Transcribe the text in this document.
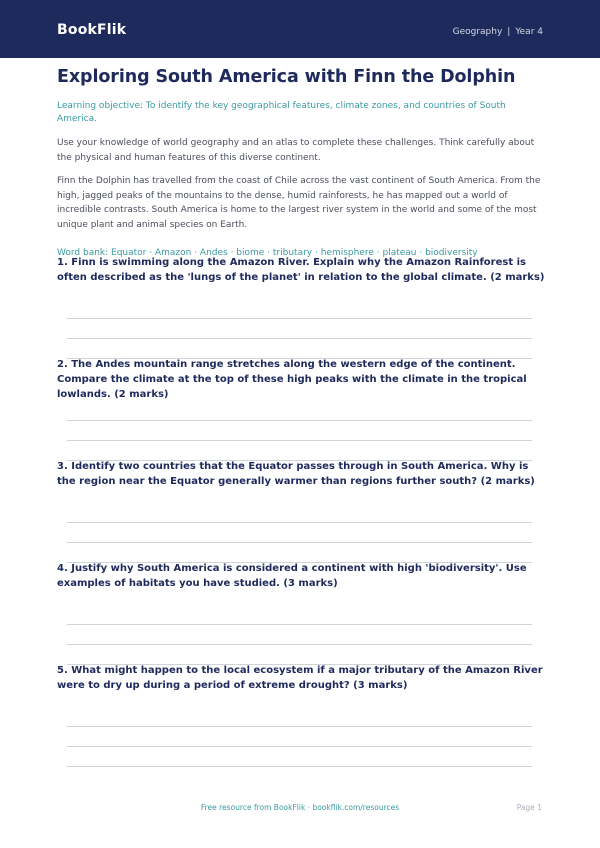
BookFlik	Geography | Year 4
Exploring South America with Finn the Dolphin
Learning objective: To identify the key geographical features, climate zones, and countries of South America.
Use your knowledge of world geography and an atlas to complete these challenges. Think carefully about the physical and human features of this diverse continent.
Finn the Dolphin has travelled from the coast of Chile across the vast continent of South America. From the high, jagged peaks of the mountains to the dense, humid rainforests, he has mapped out a world of incredible contrasts. South America is home to the largest river system in the world and some of the most unique plant and animal species on Earth.
Word bank: Equator · Amazon · Andes · biome · tributary · hemisphere · plateau · biodiversity
1. Finn is swimming along the Amazon River. Explain why the Amazon Rainforest is often described as the 'lungs of the planet' in relation to the global climate. (2 marks)
2. The Andes mountain range stretches along the western edge of the continent. Compare the climate at the top of these high peaks with the climate in the tropical lowlands. (2 marks)
3. Identify two countries that the Equator passes through in South America. Why is the region near the Equator generally warmer than regions further south? (2 marks)
4. Justify why South America is considered a continent with high 'biodiversity'. Use examples of habitats you have studied. (3 marks)
5. What might happen to the local ecosystem if a major tributary of the Amazon River were to dry up during a period of extreme drought? (3 marks)
Free resource from BookFlik · bookflik.com/resources	Page 1
